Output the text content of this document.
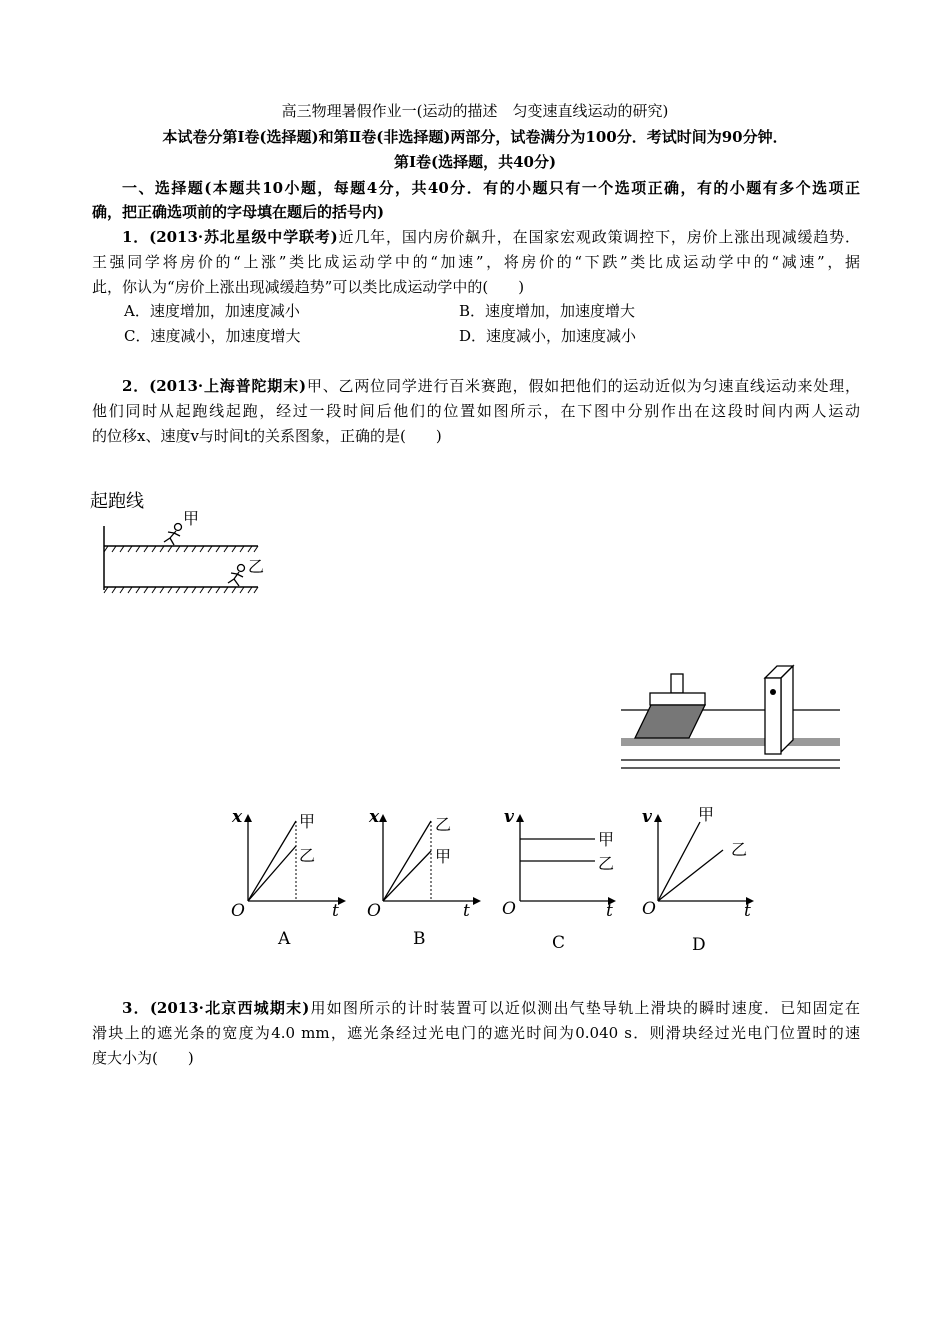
高三物理暑假作业一(运动的描述　匀变速直线运动的研究)
本试卷分第Ⅰ卷(选择题)和第Ⅱ卷(非选择题)两部分，试卷满分为100分．考试时间为90分钟．
第Ⅰ卷(选择题，共40分)
一、选择题(本题共10小题，每题4分，共40分．有的小题只有一个选项正确，有的小题有多个选项正
确，把正确选项前的字母填在题后的括号内)
1．(2013·苏北星级中学联考)近几年，国内房价飙升，在国家宏观政策调控下，房价上涨出现减缓趋势．
王强同学将房价的“上涨”类比成运动学中的“加速”，将房价的“下跌”类比成运动学中的“减速”，据
此，你认为“房价上涨出现减缓趋势”可以类比成运动学中的(　　)
A．速度增加，加速度减小	B．速度增加，加速度增大
C．速度减小，加速度增大	D．速度减小，加速度减小
2．(2013·上海普陀期末)甲、乙两位同学进行百米赛跑，假如把他们的运动近似为匀速直线运动来处理，
他们同时从起跑线起跑，经过一段时间后他们的位置如图所示，在下图中分别作出在这段时间内两人运动
的位移x、速度v与时间t的关系图象，正确的是(　　)
起跑线
甲
乙
x
t
O
甲
乙
A
x
t
O
乙
甲
B
v
t
O
甲
乙
C
v
t
O
甲
乙
D
3．(2013·北京西城期末)用如图所示的计时装置可以近似测出气垫导轨上滑块的瞬时速度．已知固定在
滑块上的遮光条的宽度为4.0 mm，遮光条经过光电门的遮光时间为0.040 s．则滑块经过光电门位置时的速
度大小为(　　)
